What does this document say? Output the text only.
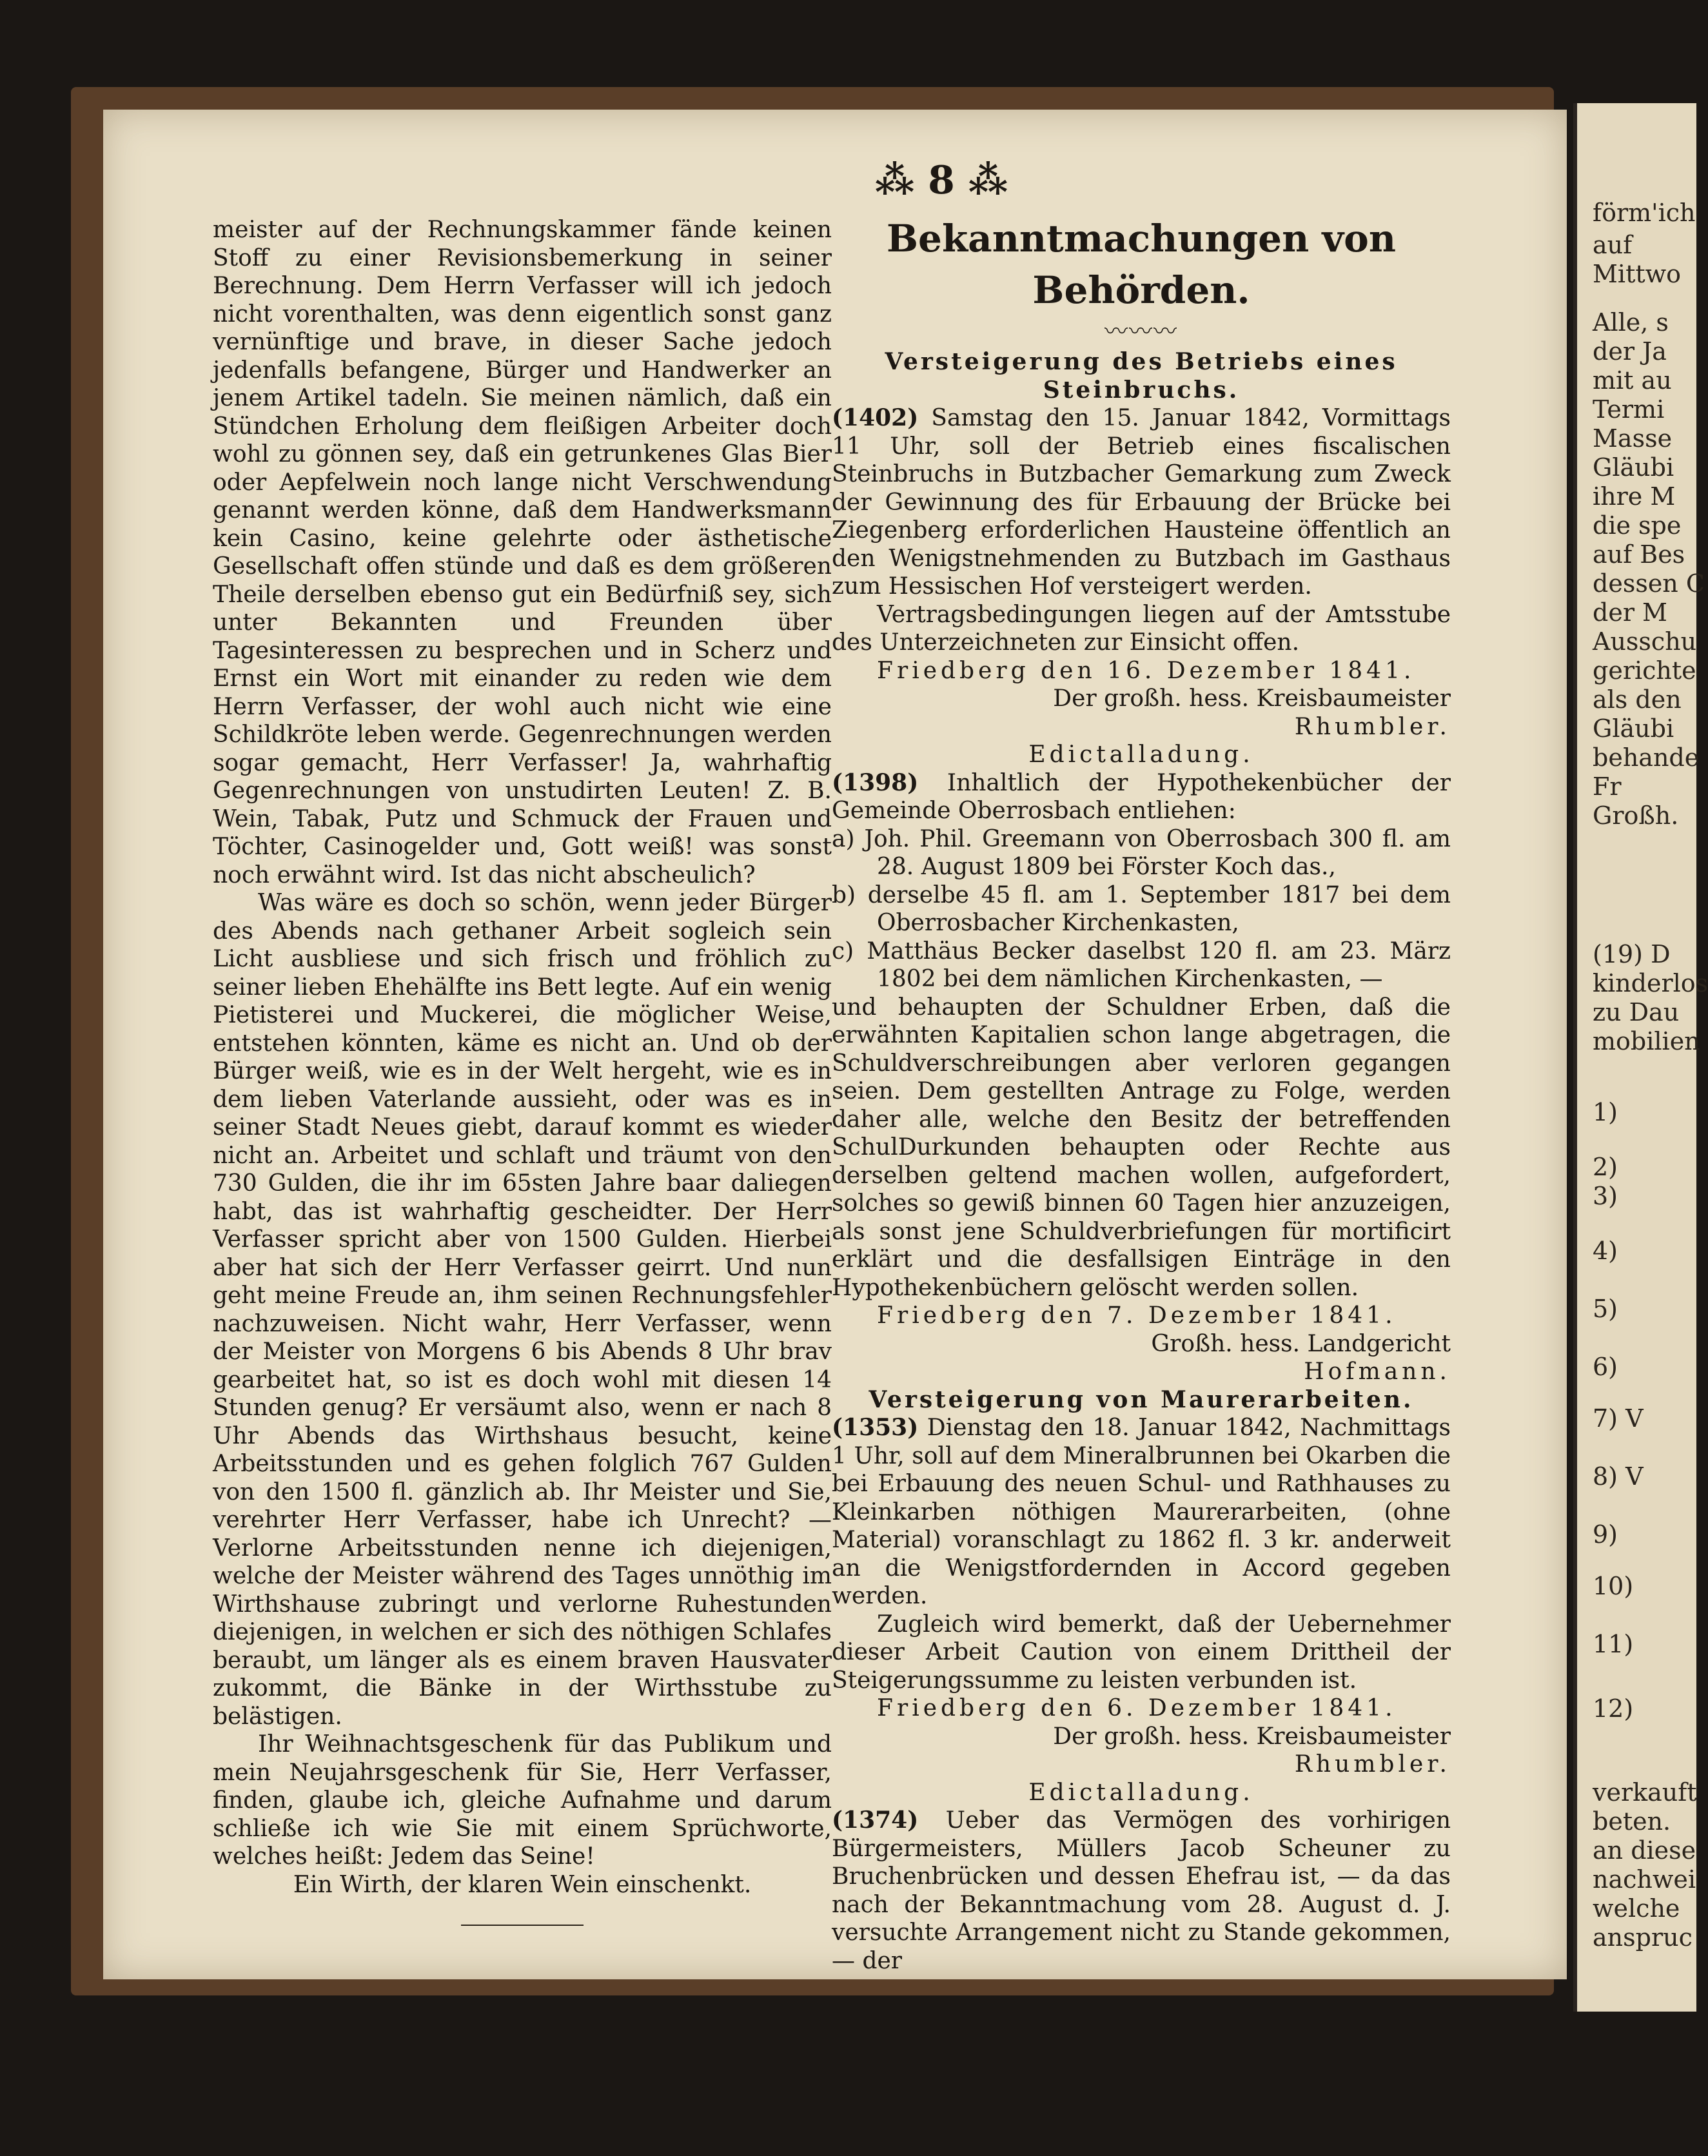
⁂ 8 ⁂

meister auf der Rechnungskammer fände keinen Stoff zu einer Revisionsbemerkung in seiner Berechnung. Dem Herrn Verfasser will ich jedoch nicht vorenthalten, was denn eigentlich sonst ganz vernünftige und brave, in dieser Sache jedoch jedenfalls befangene, Bürger und Handwerker an jenem Artikel tadeln. Sie meinen nämlich, daß ein Stündchen Erholung dem fleißigen Arbeiter doch wohl zu gönnen sey, daß ein getrunkenes Glas Bier oder Aepfelwein noch lange nicht Verschwendung genannt werden könne, daß dem Handwerksmann kein Casino, keine gelehrte oder ästhetische Gesellschaft offen stünde und daß es dem größeren Theile derselben ebenso gut ein Bedürfniß sey, sich unter Bekannten und Freunden über Tagesinteressen zu besprechen und in Scherz und Ernst ein Wort mit einander zu reden wie dem Herrn Verfasser, der wohl auch nicht wie eine Schildkröte leben werde. Gegenrechnungen werden sogar gemacht, Herr Verfasser! Ja, wahrhaftig Gegenrechnungen von unstudirten Leuten! Z. B. Wein, Tabak, Putz und Schmuck der Frauen und Töchter, Casinogelder und, Gott weiß! was sonst noch erwähnt wird. Ist das nicht abscheulich?

Was wäre es doch so schön, wenn jeder Bürger des Abends nach gethaner Arbeit sogleich sein Licht ausbliese und sich frisch und fröhlich zu seiner lieben Ehehälfte ins Bett legte. Auf ein wenig Pietisterei und Muckerei, die möglicher Weise, entstehen könnten, käme es nicht an. Und ob der Bürger weiß, wie es in der Welt hergeht, wie es in dem lieben Vaterlande aussieht, oder was es in seiner Stadt Neues giebt, darauf kommt es wieder nicht an. Arbeitet und schlaft und träumt von den 730 Gulden, die ihr im 65sten Jahre baar daliegen habt, das ist wahrhaftig gescheidter. Der Herr Verfasser spricht aber von 1500 Gulden. Hierbei aber hat sich der Herr Verfasser geirrt. Und nun geht meine Freude an, ihm seinen Rechnungsfehler nachzuweisen. Nicht wahr, Herr Verfasser, wenn der Meister von Morgens 6 bis Abends 8 Uhr brav gearbeitet hat, so ist es doch wohl mit diesen 14 Stunden genug? Er versäumt also, wenn er nach 8 Uhr Abends das Wirthshaus besucht, keine Arbeitsstunden und es gehen folglich 767 Gulden von den 1500 fl. gänzlich ab. Ihr Meister und Sie, verehrter Herr Verfasser, habe ich Unrecht? — Verlorne Arbeitsstunden nenne ich diejenigen, welche der Meister während des Tages unnöthig im Wirthshause zubringt und verlorne Ruhestunden diejenigen, in welchen er sich des nöthigen Schlafes beraubt, um länger als es einem braven Hausvater zukommt, die Bänke in der Wirthsstube zu belästigen.

Ihr Weihnachtsgeschenk für das Publikum und mein Neujahrsgeschenk für Sie, Herr Verfasser, finden, glaube ich, gleiche Aufnahme und darum schließe ich wie Sie mit einem Sprüchworte, welches heißt: Jedem das Seine!

Ein Wirth, der klaren Wein einschenkt.

Bekanntmachungen von Behörden.
〰〰〰

Versteigerung des Betriebs eines Steinbruchs.

(1402) Samstag den 15. Januar 1842, Vormittags 11 Uhr, soll der Betrieb eines fiscalischen Steinbruchs in Butzbacher Gemarkung zum Zweck der Gewinnung des für Erbauung der Brücke bei Ziegenberg erforderlichen Hausteine öffentlich an den Wenigstnehmenden zu Butzbach im Gasthaus zum Hessischen Hof versteigert werden.

Vertragsbedingungen liegen auf der Amtsstube des Unterzeichneten zur Einsicht offen.

Friedberg den 16. Dezember 1841.

Der großh. hess. Kreisbaumeister

Rhumbler.

Edictalladung.

(1398) Inhaltlich der Hypothekenbücher der Gemeinde Oberrosbach entliehen:

a) Joh. Phil. Greemann von Oberrosbach 300 fl. am 28. August 1809 bei Förster Koch das.,

b) derselbe 45 fl. am 1. September 1817 bei dem Oberrosbacher Kirchenkasten,

c) Matthäus Becker daselbst 120 fl. am 23. März 1802 bei dem nämlichen Kirchenkasten, —

und behaupten der Schuldner Erben, daß die erwähnten Kapitalien schon lange abgetragen, die Schuldverschreibungen aber verloren gegangen seien. Dem gestellten Antrage zu Folge, werden daher alle, welche den Besitz der betreffenden SchulDurkunden behaupten oder Rechte aus derselben geltend machen wollen, aufgefordert, solches so gewiß binnen 60 Tagen hier anzuzeigen, als sonst jene Schuldverbriefungen für mortificirt erklärt und die desfallsigen Einträge in den Hypothekenbüchern gelöscht werden sollen.

Friedberg den 7. Dezember 1841.

Großh. hess. Landgericht

Hofmann.

Versteigerung von Maurerarbeiten.

(1353) Dienstag den 18. Januar 1842, Nachmittags 1 Uhr, soll auf dem Mineralbrunnen bei Okarben die bei Erbauung des neuen Schul- und Rathhauses zu Kleinkarben nöthigen Maurerarbeiten, (ohne Material) voranschlagt zu 1862 fl. 3 kr. anderweit an die Wenigstfordernden in Accord gegeben werden.

Zugleich wird bemerkt, daß der Uebernehmer dieser Arbeit Caution von einem Drittheil der Steigerungssumme zu leisten verbunden ist.

Friedberg den 6. Dezember 1841.

Der großh. hess. Kreisbaumeister

Rhumbler.

Edictalladung.

(1374) Ueber das Vermögen des vorhirigen Bürgermeisters, Müllers Jacob Scheuner zu Bruchenbrücken und dessen Ehefrau ist, — da das nach der Bekanntmachung vom 28. August d. J. versuchte Arrangement nicht zu Stande gekommen, — der

förm'ich
auf
Mittwo
Alle, s
der Ja
mit au
Termi
Masse
Gläubi
ihre M
die spe
auf Bes
dessen C
der M
Ausschu
gerichte
als den
Gläubi
behande
Fr
Großh.
(19) D
kinderlos
zu Dau
mobilien
1)
2)
3)
4)
5)
6)
7) V
8) V
9)
10)
11)
12)
verkauft
beten.
an diese
nachwei
welche
anspruc
